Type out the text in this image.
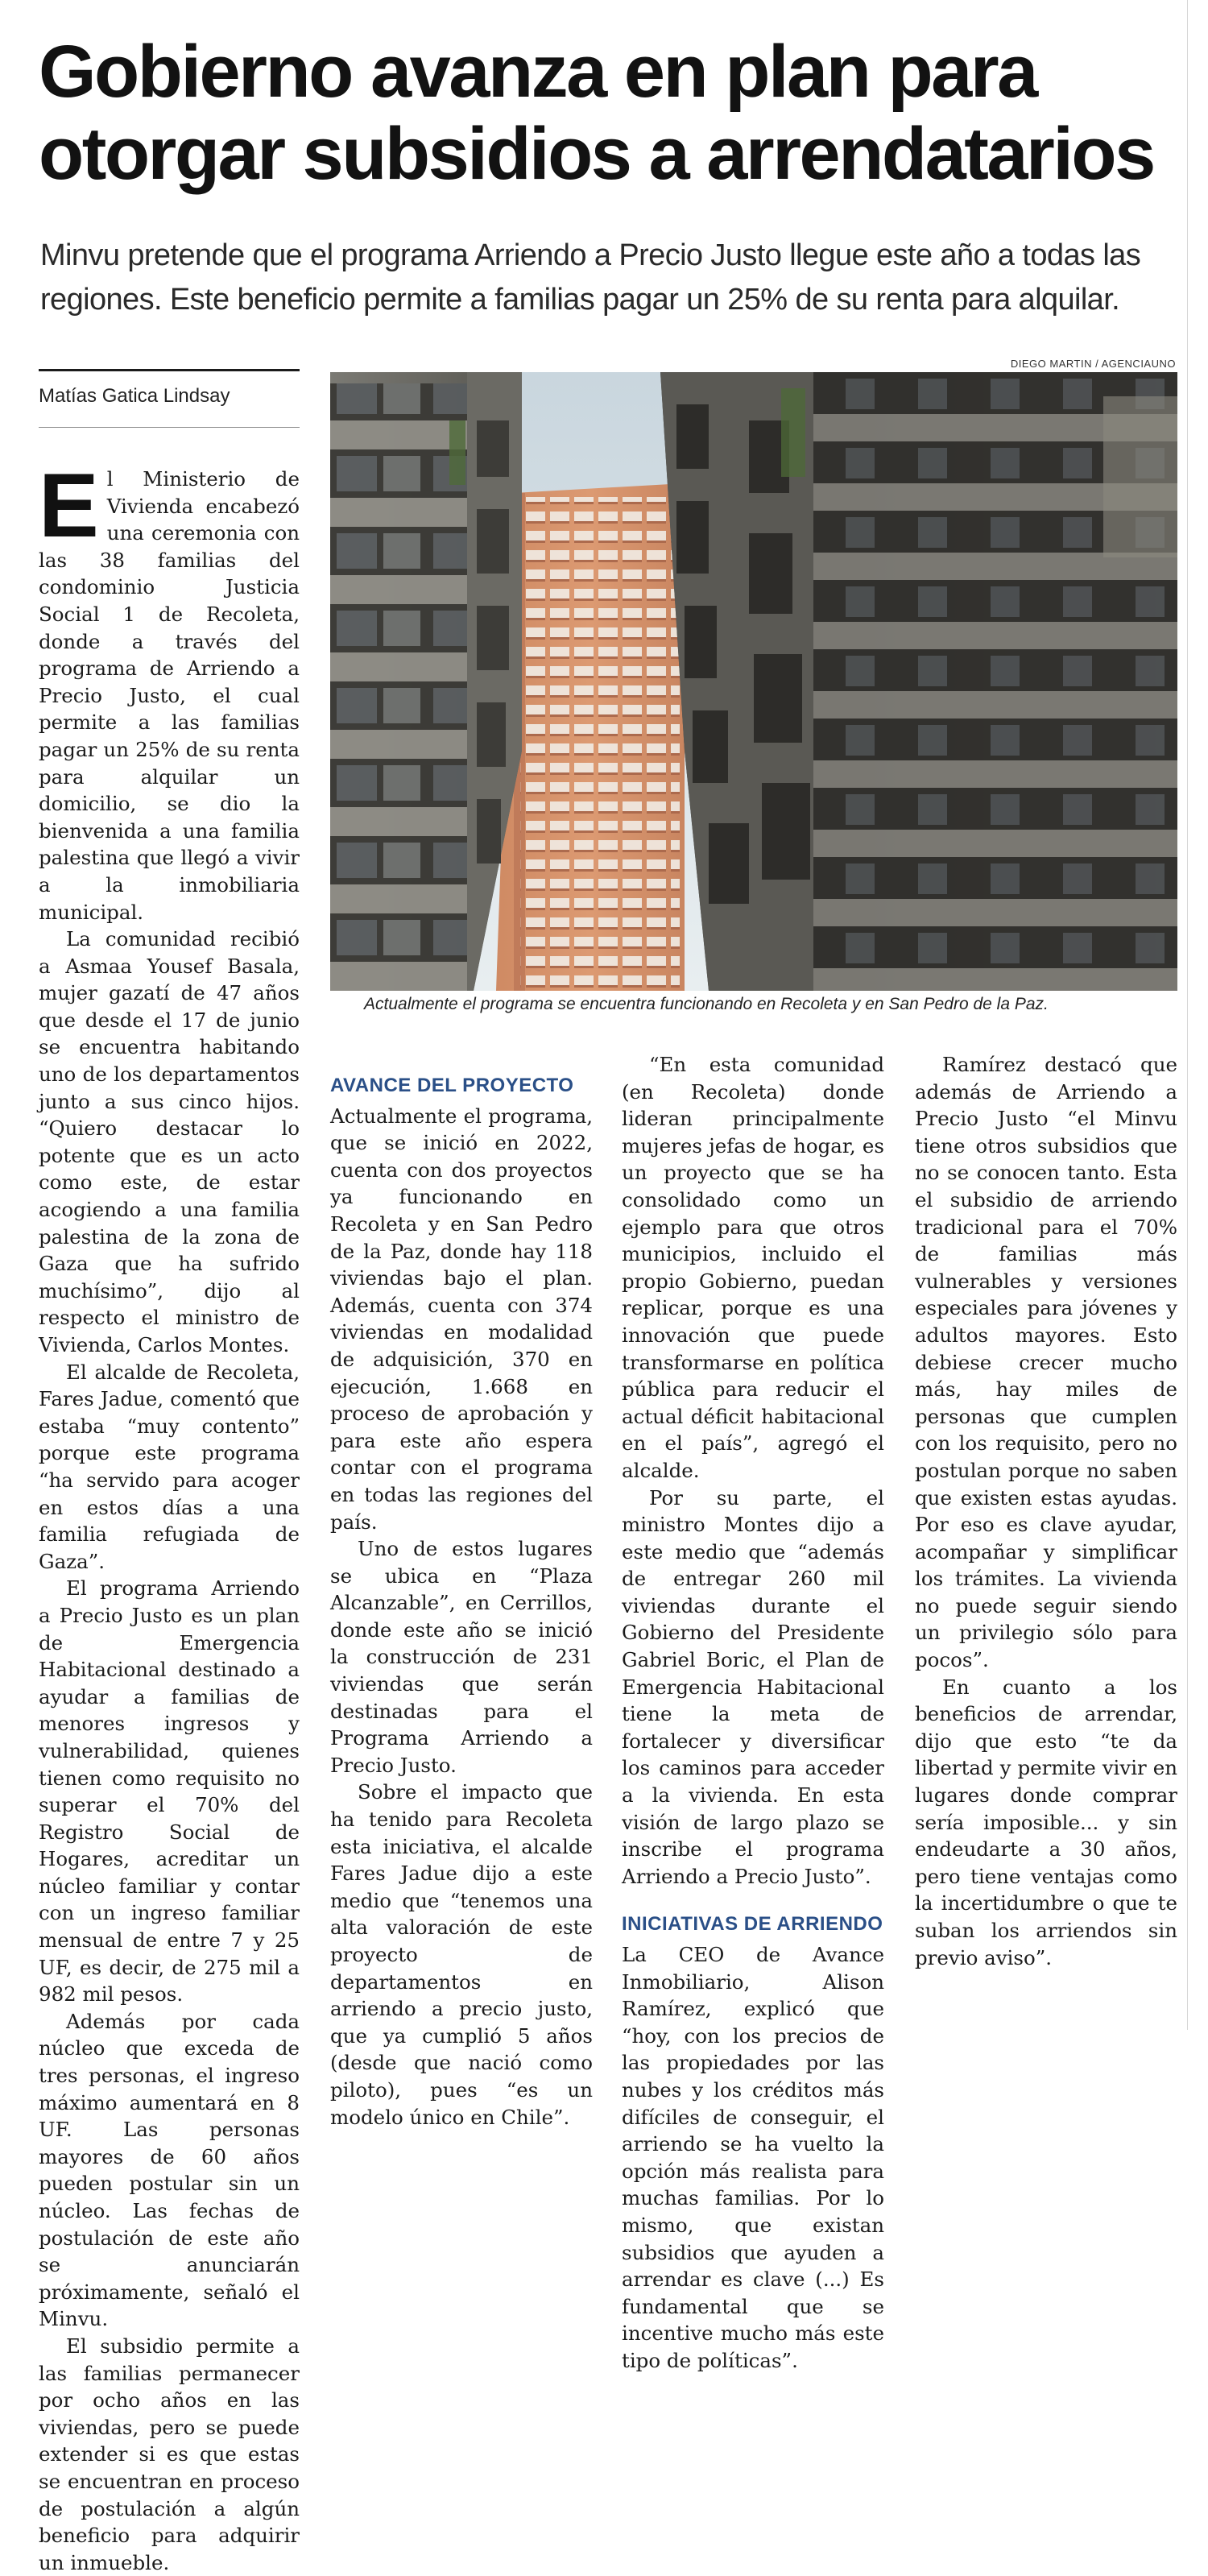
Gobierno avanza en plan para otorgar subsidios a arrendatarios

Minvu pretende que el programa Arriendo a Precio Justo llegue este año a todas las regiones. Este beneficio permite a familias pagar un 25% de su renta para alquilar.

Matías Gatica Lindsay

DIEGO MARTIN / AGENCIAUNO

Actualmente el programa se encuentra funcionando en Recoleta y en San Pedro de la Paz.

El Ministerio de Vivienda encabezó una ceremonia con las 38 familias del condominio Justicia Social 1 de Recoleta, donde a través del programa de Arriendo a Precio Justo, el cual permite a las familias pagar un 25% de su renta para alquilar un domicilio, se dio la bienvenida a una familia palestina que llegó a vivir a la inmobiliaria municipal.

La comunidad recibió a Asmaa Yousef Basala, mujer gazatí de 47 años que desde el 17 de junio se encuentra habitando uno de los departamentos junto a sus cinco hijos. “Quiero destacar lo potente que es un acto como este, de estar acogiendo a una familia palestina de la zona de Gaza que ha sufrido muchísimo”, dijo al respecto el ministro de Vivienda, Carlos Montes.

El alcalde de Recoleta, Fares Jadue, comentó que estaba “muy contento” porque este programa “ha servido para acoger en estos días a una familia refugiada de Gaza”.

El programa Arriendo a Precio Justo es un plan de Emergencia Habitacional destinado a ayudar a familias de menores ingresos y vulnerabilidad, quienes tienen como requisito no superar el 70% del Registro Social de Hogares, acreditar un núcleo familiar y contar con un ingreso familiar mensual de entre 7 y 25 UF, es decir, de 275 mil a 982 mil pesos.

Además por cada núcleo que exceda de tres personas, el ingreso máximo aumentará en 8 UF. Las personas mayores de 60 años pueden postular sin un núcleo. Las fechas de postulación de este año se anunciarán próximamente, señaló el Minvu.

El subsidio permite a las familias permanecer por ocho años en las viviendas, pero se puede extender si es que estas se encuentran en proceso de postulación a algún beneficio para adquirir un inmueble.

AVANCE DEL PROYECTO

Actualmente el programa, que se inició en 2022, cuenta con dos proyectos ya funcionando en Recoleta y en San Pedro de la Paz, donde hay 118 viviendas bajo el plan. Además, cuenta con 374 viviendas en modalidad de adquisición, 370 en ejecución, 1.668 en proceso de aprobación y para este año espera contar con el programa en todas las regiones del país.

Uno de estos lugares se ubica en “Plaza Alcanzable”, en Cerrillos, donde este año se inició la construcción de 231 viviendas que serán destinadas para el Programa Arriendo a Precio Justo.

Sobre el impacto que ha tenido para Recoleta esta iniciativa, el alcalde Fares Jadue dijo a este medio que “tenemos una alta valoración de este proyecto de departamentos en arriendo a precio justo, que ya cumplió 5 años (desde que nació como piloto), pues “es un modelo único en Chile”.

“En esta comunidad (en Recoleta) donde lideran principalmente mujeres jefas de hogar, es un proyecto que se ha consolidado como un ejemplo para que otros municipios, incluido el propio Gobierno, puedan replicar, porque es una innovación que puede transformarse en política pública para reducir el actual déficit habitacional en el país”, agregó el alcalde.

Por su parte, el ministro Montes dijo a este medio que “además de entregar 260 mil viviendas durante el Gobierno del Presidente Gabriel Boric, el Plan de Emergencia Habitacional tiene la meta de fortalecer y diversificar los caminos para acceder a la vivienda. En esta visión de largo plazo se inscribe el programa Arriendo a Precio Justo”.

INICIATIVAS DE ARRIENDO

La CEO de Avance Inmobiliario, Alison Ramírez, explicó que “hoy, con los precios de las propiedades por las nubes y los créditos más difíciles de conseguir, el arriendo se ha vuelto la opción más realista para muchas familias. Por lo mismo, que existan subsidios que ayuden a arrendar es clave (...) Es fundamental que se incentive mucho más este tipo de políticas”.

Ramírez destacó que además de Arriendo a Precio Justo “el Minvu tiene otros subsidios que no se conocen tanto. Esta el subsidio de arriendo tradicional para el 70% de familias más vulnerables y versiones especiales para jóvenes y adultos mayores. Esto debiese crecer mucho más, hay miles de personas que cumplen con los requisito, pero no postulan porque no saben que existen estas ayudas. Por eso es clave ayudar, acompañar y simplificar los trámites. La vivienda no puede seguir siendo un privilegio sólo para pocos”.

En cuanto a los beneficios de arrendar, dijo que esto “te da libertad y permite vivir en lugares donde comprar sería imposible... y sin endeudarte a 30 años, pero tiene ventajas como la incertidumbre o que te suban los arriendos sin previo aviso”.
